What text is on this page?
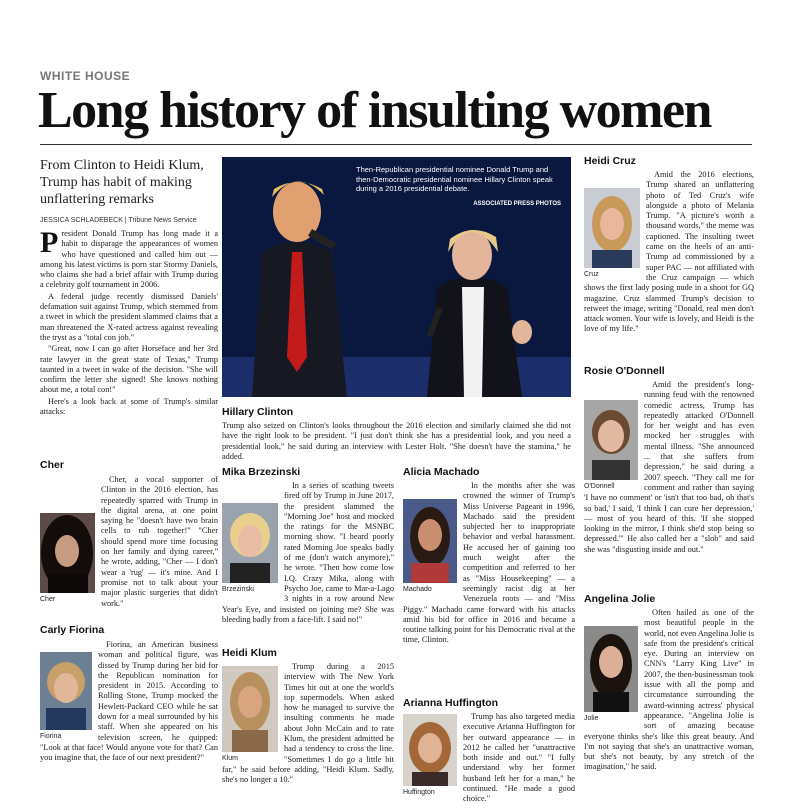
WHITE HOUSE
Long history of insulting women
From Clinton to Heidi Klum, Trump has habit of making unflattering remarks
JESSICA SCHLADEBECK | Tribune News Service

President Donald Trump has long made it a habit to disparage the appearances of women who have questioned and called him out — among his latest victims is porn star Stormy Daniels, who claims she had a brief affair with Trump during a celebrity golf tournament in 2006.

A federal judge recently dismissed Daniels' defamation suit against Trump, which stemmed from a tweet in which the president slammed claims that a man threatened the X-rated actress against revealing the tryst as a "total con job."

"Great, now I can go after Horseface and her 3rd rate lawyer in the great state of Texas," Trump taunted in a tweet in wake of the decision. "She will confirm the letter she signed! She knows nothing about me, a total con!"

Here's a look back at some of Trump's similar attacks:

Cher
Cher

Cher, a vocal supporter of Clinton in the 2016 election, has repeatedly sparred with Trump in the digital arena, at one point saying he "doesn't have two brain cells to rub together!" "Cher should spend more time focusing on her family and dying career," he wrote, adding, "Cher — I don't wear a 'rug' — it's mine. And I promise not to talk about your major plastic surgeries that didn't work."

Carly Fiorina
Fiorina

Fiorina, an American business woman and political figure, was dissed by Trump during her bid for the Republican nomination for president in 2015. According to Rolling Stone, Trump mocked the Hewlett-Packard CEO while he sat down for a meal surrounded by his staff. When she appeared on his television screen, he quipped: "Look at that face! Would anyone vote for that? Can you imagine that, the face of our next president?"

Then-Republican presidential nominee Donald Trump and then-Democratic presidential nominee Hillary Clinton speak during a 2016 presidential debate.
ASSOCIATED PRESS PHOTOS
Hillary Clinton
Trump also seized on Clinton's looks throughout the 2016 election and similarly claimed she did not have the right look to be president. "I just don't think she has a presidential look, and you need a presidential look," he said during an interview with Lester Holt. "She doesn't have the stamina," he added.
Mika Brzezinski
Brzezinski

In a series of scathing tweets fired off by Trump in June 2017, the president slammed the "Morning Joe" host and mocked the ratings for the MSNBC morning show. "I heard poorly rated Morning Joe speaks badly of me (don't watch anymore)," he wrote. "Then how come low I.Q. Crazy Mika, along with Psycho Joe, came to Mar-a-Lago 3 nights in a row around New Year's Eve, and insisted on joining me? She was bleeding badly from a face-lift. I said no!"

Heidi Klum
Klum

Trump during a 2015 interview with The New York Times hit out at one the world's top supermodels. When asked how he managed to survive the insulting comments he made about John McCain and to rate Klum, the president admitted he had a tendency to cross the line. "Sometimes I do go a little bit far," he said before adding, "Heidi Klum. Sadly, she's no longer a 10."

Alicia Machado
Machado

In the months after she was crowned the winner of Trump's Miss Universe Pageant in 1996, Machado said the president subjected her to inappropriate behavior and verbal harassment. He accused her of gaining too much weight after the competition and referred to her as "Miss Housekeeping" — a seemingly racist dig at her Venezuela roots — and "Miss Piggy." Machado came forward with his attacks amid his bid for office in 2016 and became a routine talking point for his Democratic rival at the time, Clinton.

Arianna Huffington
Huffington

Trump has also targeted media executive Arianna Huffington for her outward appearance — in 2012 he called her "unattractive both inside and out." "I fully understand why her former husband left her for a man," he continued. "He made a good choice."

Heidi Cruz
Cruz

Amid the 2016 elections, Trump shared an unflattering photo of Ted Cruz's wife alongside a photo of Melania Trump. "A picture's worth a thousand words," the meme was captioned. The insulting tweet came on the heels of an anti-Trump ad commissioned by a super PAC — not affiliated with the Cruz campaign — which shows the first lady posing nude in a shoot for GQ magazine. Cruz slammed Trump's decision to retweet the image, writing "Donald, real men don't attack women. Your wife is lovely, and Heidi is the love of my life."

Rosie O'Donnell
O'Donnell

Amid the president's long-running feud with the renowned comedic actress, Trump has repeatedly attacked O'Donnell for her weight and has even mocked her struggles with mental illness. "She announced ... that she suffers from depression," he said during a 2007 speech. "They call me for comment and rather than saying 'I have no comment' or 'isn't that too bad, oh that's so bad,' I said, 'I think I can cure her depression,' — most of you heard of this. 'If she stopped looking in the mirror, I think she'd stop being so depressed.'" He also called her a "slob" and said she was "disgusting inside and out."

Angelina Jolie
Jolie

Often hailed as one of the most beautiful people in the world, not even Angelina Jolie is safe from the president's critical eye. During an interview on CNN's "Larry King Live" in 2007, the then-businessman took issue with all the pomp and circumstance surrounding the award-winning actress' physical appearance. "Angelina Jolie is sort of amazing because everyone thinks she's like this great beauty. And I'm not saying that she's an unattractive woman, but she's not beauty, by any stretch of the imagination," he said.
